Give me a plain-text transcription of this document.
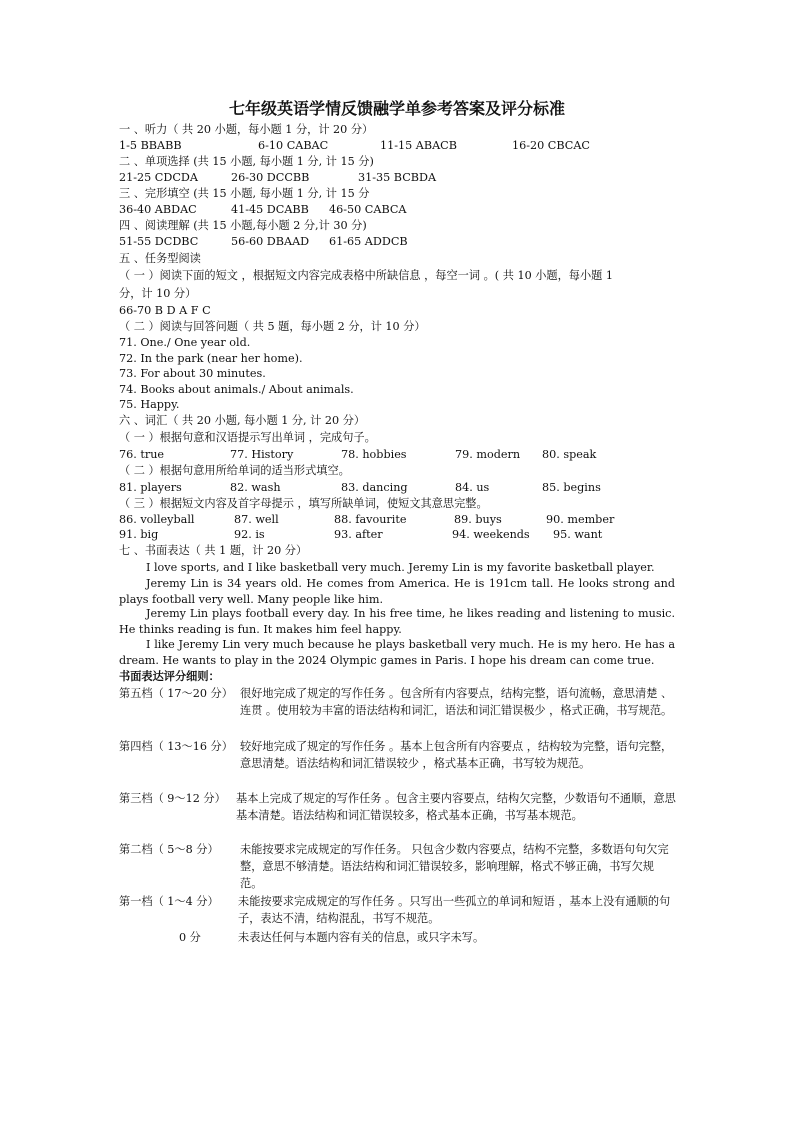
七年级英语学情反馈融学单参考答案及评分标准
一 、听力（ 共 20 小题，每小题 1 分，计 20 分）
1-5 BBABB	6-10 CABAC	11-15 ABACB	16-20 CBCAC
二 、单项选择 (共 15 小题, 每小题 1 分, 计 15 分)
21-25 CDCDA	26-30 DCCBB	31-35 BCBDA
三 、完形填空 (共 15 小题, 每小题 1 分, 计 15 分
36-40 ABDAC	41-45 DCABB 46-50 CABCA
四 、阅读理解 (共 15 小题,每小题 2 分,计 30 分)
51-55 DCDBC	56-60 DBAAD 61-65 ADDCB
五 、任务型阅读
（ 一 ）阅读下面的短文 ，根据短文内容完成表格中所缺信息 ，每空一词 。( 共 10 小题，每小题 1
分，计 10 分）
66-70 B D A F C
（ 二 ）阅读与回答问题（ 共 5 题，每小题 2 分，计 10 分）
71. One./ One year old.
72. In the park (near her home).
73. For about 30 minutes.
74. Books about animals./ About animals.
75. Happy.
六 、词汇（ 共 20 小题, 每小题 1 分, 计 20 分）
（ 一 ）根据句意和汉语提示写出单词 ，完成句子。
76. true	77. History	78. hobbies	79. modern 80. speak
（ 二 ）根据句意用所给单词的适当形式填空。
81. players	82. wash	83. dancing	84. us	85. begins
（ 三 ）根据短文内容及首字母提示 ，填写所缺单词，使短文其意思完整。
86. volleyball	87. well	88. favourite	89. buys	90. member
91. big	92. is	93. after	94. weekends 95. want
七 、书面表达（ 共 1 题，计 20 分）
I love sports, and I like basketball very much. Jeremy Lin is my favorite basketball player.
Jeremy Lin is 34 years old. He comes from America. He is 191cm tall. He looks strong and plays football very well. Many people like him.
Jeremy Lin plays football every day. In his free time, he likes reading and listening to music. He thinks reading is fun. It makes him feel happy.
I like Jeremy Lin very much because he plays basketball very much. He is my hero. He has a dream. He wants to play in the 2024 Olympic games in Paris. I hope his dream can come true.
书面表达评分细则：
第五档（ 17～20 分） 很好地完成了规定的写作任务 。包含所有内容要点，结构完整，语句流畅，意思清楚 、连贯 。使用较为丰富的语法结构和词汇，语法和词汇错误极少 ，格式正确，书写规范。
第四档（ 13～16 分） 较好地完成了规定的写作任务 。基本上包含所有内容要点 ，结构较为完整，语句完整，意思清楚。语法结构和词汇错误较少 ，格式基本正确，书写较为规范。
第三档（ 9～12 分） 基本上完成了规定的写作任务 。包含主要内容要点，结构欠完整，少数语句不通顺，意思基本清楚。语法结构和词汇错误较多，格式基本正确，书写基本规范。
第二档（ 5～8 分） 未能按要求完成规定的写作任务。 只包含少数内容要点，结构不完整，多数语句句欠完整，意思不够清楚。语法结构和词汇错误较多，影响理解，格式不够正确，书写欠规范。
第一档（ 1～4 分） 未能按要求完成规定的写作任务 。只写出一些孤立的单词和短语 ，基本上没有通顺的句子，表达不清，结构混乱，书写不规范。
0 分	未表达任何与本题内容有关的信息，或只字未写。
